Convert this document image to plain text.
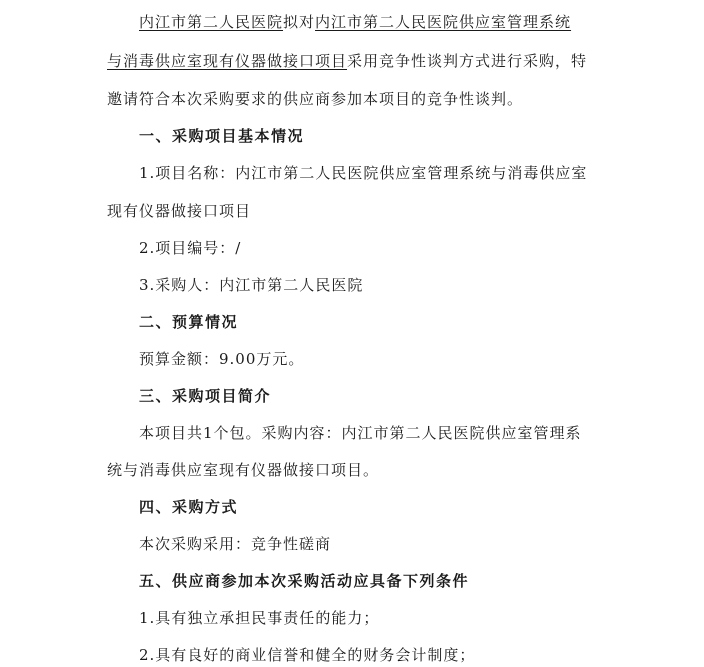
内江市第二人民医院拟对内江市第二人民医院供应室管理系统
与消毒供应室现有仪器做接口项目采用竞争性谈判方式进行采购，特
邀请符合本次采购要求的供应商参加本项目的竞争性谈判。
一、采购项目基本情况
1.项目名称：内江市第二人民医院供应室管理系统与消毒供应室
现有仪器做接口项目
2.项目编号：/
3.采购人：内江市第二人民医院
二、预算情况
预算金额：9.00万元。
三、采购项目简介
本项目共1个包。采购内容：内江市第二人民医院供应室管理系
统与消毒供应室现有仪器做接口项目。
四、采购方式
本次采购采用：竞争性磋商
五、供应商参加本次采购活动应具备下列条件
1.具有独立承担民事责任的能力；
2.具有良好的商业信誉和健全的财务会计制度；
